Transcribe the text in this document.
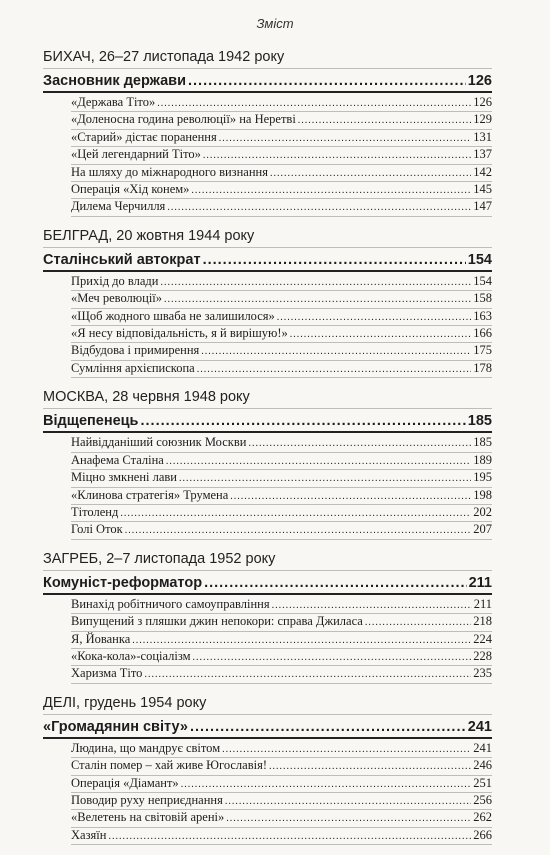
Зміст
БИХАЧ, 26–27 листопада 1942 року
Засновник держави .....	126
«Держава Тіто» .....	126
«Доленосна година революції» на Неретві .....	129
«Старий» дістає поранення .....	131
«Цей легендарний Тіто» .....	137
На шляху до міжнародного визнання .....	142
Операція «Хід конем» .....	145
Дилема Черчилля .....	147
БЕЛГРАД, 20 жовтня 1944 року
Сталінський автократ .....	154
Прихід до влади .....	154
«Меч революції» .....	158
«Щоб жодного шваба не залишилося» .....	163
«Я несу відповідальність, я й вирішую!» .....	166
Відбудова і примирення .....	175
Сумління архієпископа .....	178
МОСКВА, 28 червня 1948 року
Відщепенець .....	185
Найвідданіший союзник Москви .....	185
Анафема Сталіна .....	189
Міцно змкнені лави .....	195
«Клинова стратегія» Трумена .....	198
Тітоленд .....	202
Голі Оток .....	207
ЗАГРЕБ, 2–7 листопада 1952 року
Комуніст-реформатор .....	211
Винахід робітничого самоуправління .....	211
Випущений з пляшки джин непокори: справа Джиласа .....	218
Я, Йованка .....	224
«Кока-кола»-соціалізм .....	228
Харизма Тіто .....	235
ДЕЛІ, грудень 1954 року
«Громадянин світу» .....	241
Людина, що мандрує світом .....	241
Сталін помер – хай живе Югославія! .....	246
Операція «Діамант» .....	251
Поводир руху неприєднання .....	256
«Велетень на світовій арені» .....	262
Хазяїн .....	266
